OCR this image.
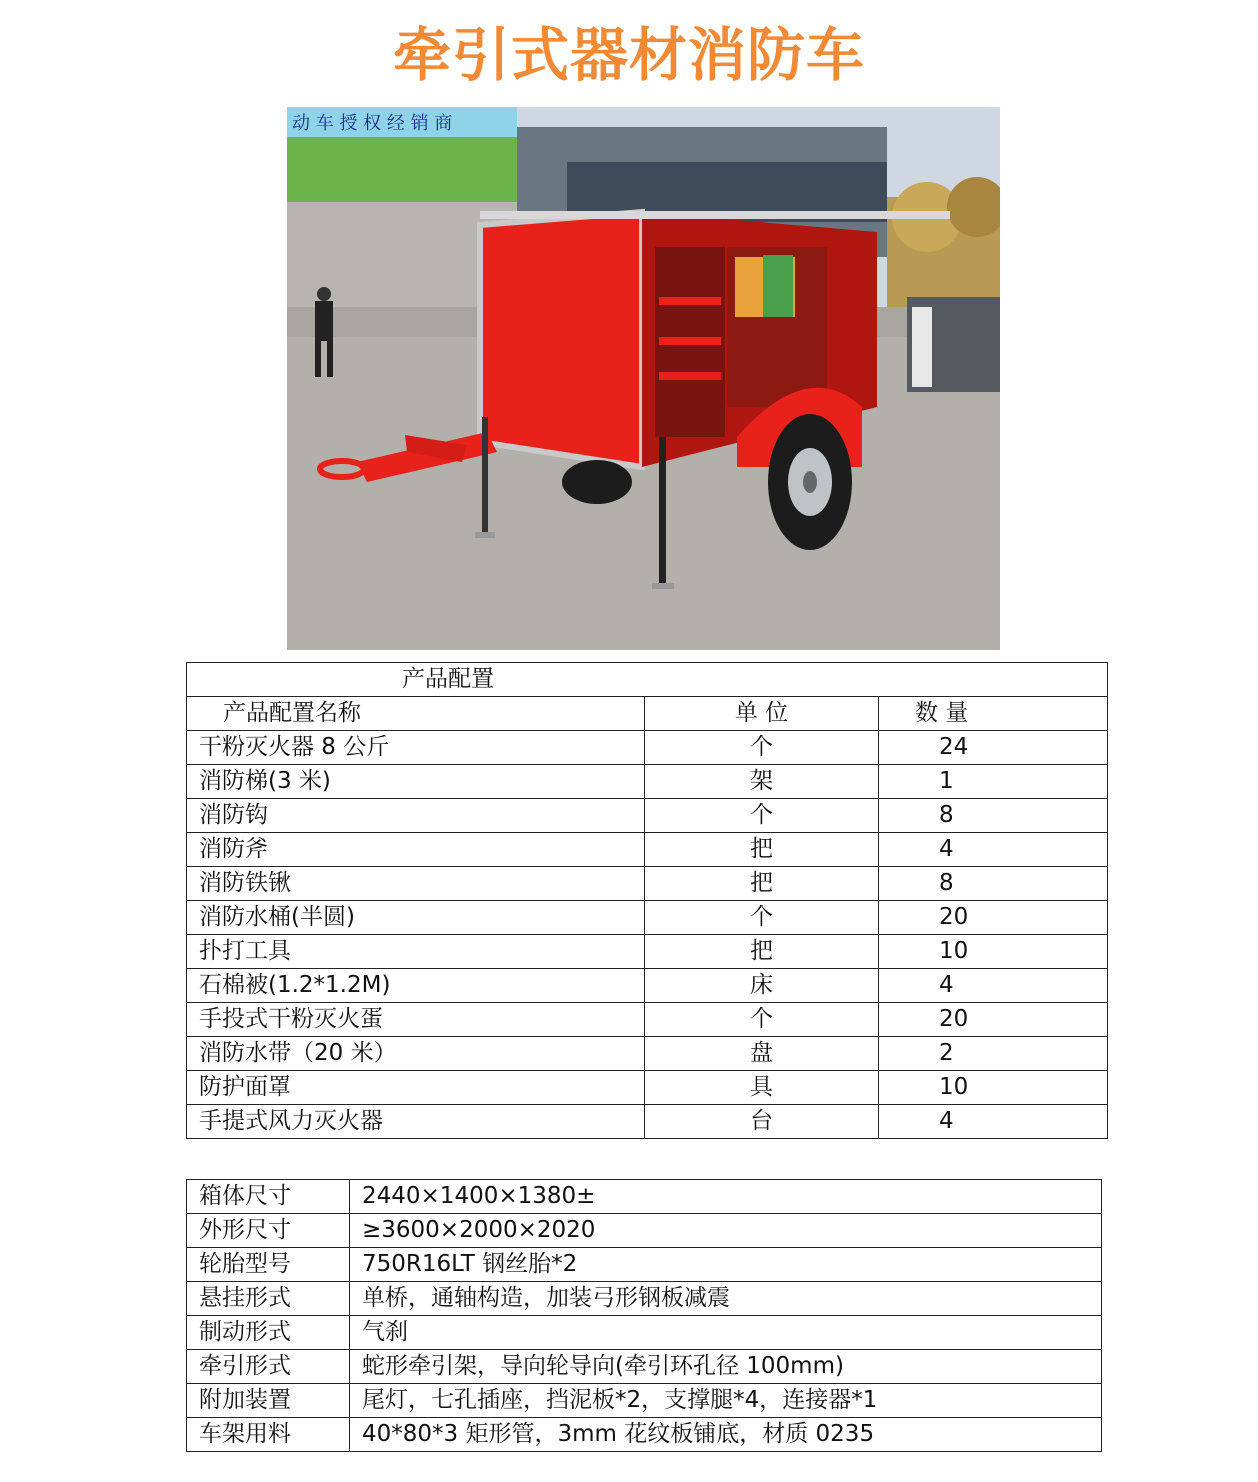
牵引式器材消防车
动 车 授 权 经 销 商
产品配置		
产品配置名称	单 位	数 量
干粉灭火器 8 公斤	个	24
消防梯(3 米)	架	1
消防钩	个	8
消防斧	把	4
消防铁锹	把	8
消防水桶(半圆)	个	20
扑打工具	把	10
石棉被(1.2*1.2M)	床	4
手投式干粉灭火蛋	个	20
消防水带（20 米）	盘	2
防护面罩	具	10
手提式风力灭火器	台	4
箱体尺寸	2440×1400×1380±
外形尺寸	≥3600×2000×2020
轮胎型号	750R16LT 钢丝胎*2
悬挂形式	单桥，通轴构造，加装弓形钢板减震
制动形式	气刹
牵引形式	蛇形牵引架，导向轮导向(牵引环孔径 100mm)
附加装置	尾灯，七孔插座，挡泥板*2，支撑腿*4，连接器*1
车架用料	40*80*3 矩形管，3mm 花纹板铺底，材质 0235
